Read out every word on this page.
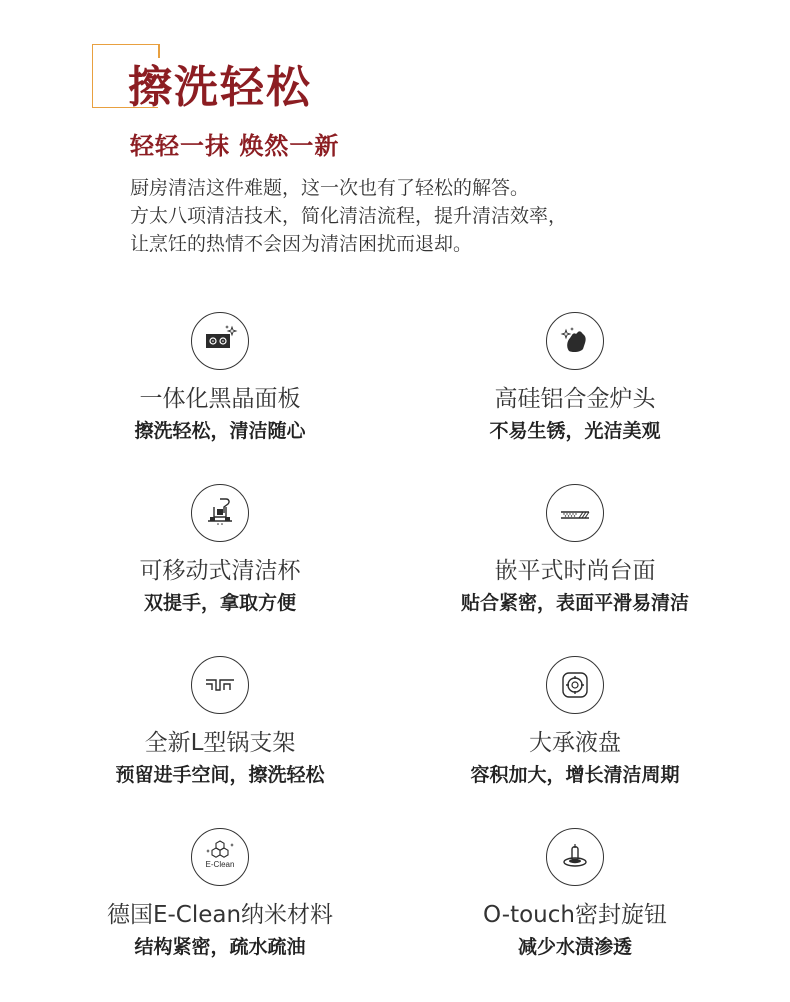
擦洗轻松
轻轻一抹 焕然一新
厨房清洁这件难题，这一次也有了轻松的解答。
方太八项清洁技术，简化清洁流程，提升清洁效率，
让烹饪的热情不会因为清洁困扰而退却。
一体化黑晶面板
擦洗轻松，清洁随心
高硅铝合金炉头
不易生锈，光洁美观
可移动式清洁杯
双提手，拿取方便
嵌平式时尚台面
贴合紧密，表面平滑易清洁
全新L型锅支架
预留进手空间，擦洗轻松
大承液盘
容积加大，增长清洁周期
E-Clean
德国E-Clean纳米材料
结构紧密，疏水疏油
O-touch密封旋钮
减少水渍渗透
